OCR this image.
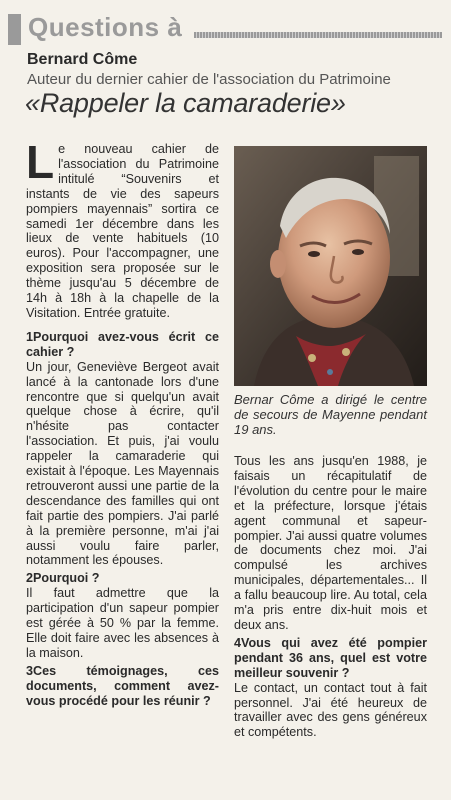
Questions à
Bernard Côme
Auteur du dernier cahier de l'association du Patrimoine
«Rappeler la camaraderie»

Le nouveau cahier de l'association du Patrimoine intitulé “Souvenirs et instants de vie des sapeurs pompiers mayennais” sortira ce samedi 1er décembre dans les lieux de vente habituels (10 euros). Pour l'accompagner, une exposition sera proposée sur le thème jusqu'au 5 décembre de 14h à 18h à la chapelle de la Visitation. Entrée gratuite.

1Pourquoi avez-vous écrit ce cahier ?

Un jour, Geneviève Bergeot avait lancé à la cantonade lors d'une rencontre que si quelqu'un avait quelque chose à écrire, qu'il n'hésite pas contacter l'association. Et puis, j'ai voulu rappeler la camaraderie qui existait à l'époque. Les Mayennais retrouveront aussi une partie de la descendance des familles qui ont fait partie des pompiers. J'ai parlé à la première personne, m'ai j'ai aussi voulu faire parler, notamment les épouses.

2Pourquoi ?

Il faut admettre que la participation d'un sapeur pompier est gérée à 50 % par la femme. Elle doit faire avec les absences à la maison.

3Ces témoignages, ces documents, comment avez-vous procédé pour les réunir ?

Bernar Côme a dirigé le centre de secours de Mayenne pendant 19 ans.

Tous les ans jusqu'en 1988, je faisais un récapitulatif de l'évolution du centre pour le maire et la préfecture, lorsque j'étais agent communal et sapeur-pompier. J'ai aussi quatre volumes de documents chez moi. J'ai compulsé les archives municipales, départementales... Il a fallu beaucoup lire. Au total, cela m'a pris entre dix-huit mois et deux ans.

4Vous qui avez été pompier pendant 36 ans, quel est votre meilleur souvenir ?

Le contact, un contact tout à fait personnel. J'ai été heureux de travailler avec des gens généreux et compétents.
